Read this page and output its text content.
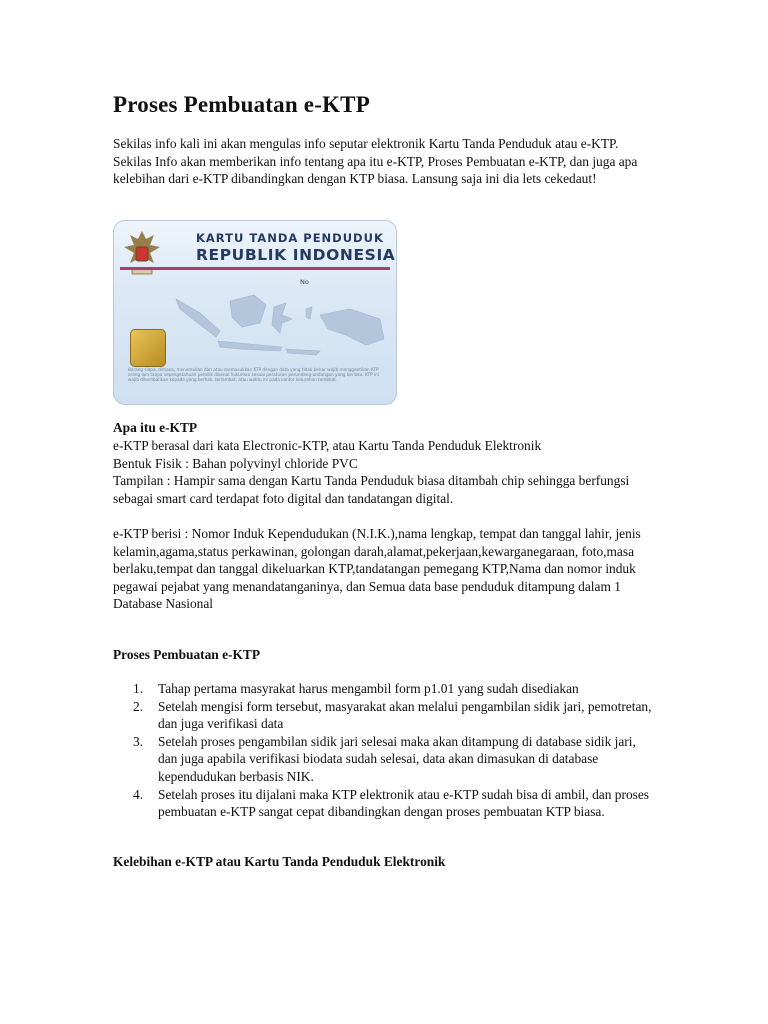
Proses Pembuatan e-KTP

Sekilas info kali ini akan mengulas info seputar elektronik Kartu Tanda Penduduk atau e-KTP. Sekilas Info akan memberikan info tentang apa itu e-KTP, Proses Pembuatan e-KTP, dan juga apa kelebihan dari e-KTP dibandingkan dengan KTP biasa. Lansung saja ini dia lets cekedaut!

KARTU TANDA PENDUDUK
REPUBLIK INDONESIA
No
Barang siapa, dimana, menemukan dan atau memasukkan KTP dengan data yang tidak benar wajib menggantikan KTP orang lain tanpa sepengetahuan pemilik dikenai hukuman sesuai peraturan perundang-undangan yang berlaku. KTP ini wajib dikembalikan kepada yang berhak, terlambat, atau waktu ini pada kantor kelurahan terdekat.
Apa itu e-KTP

e-KTP berasal dari kata Electronic-KTP, atau Kartu Tanda Penduduk Elektronik

Bentuk Fisik : Bahan polyvinyl chloride PVC

Tampilan : Hampir sama dengan Kartu Tanda Penduduk biasa ditambah chip sehingga berfungsi sebagai smart card terdapat foto digital dan tandatangan digital.

e-KTP berisi : Nomor Induk Kependudukan (N.I.K.),nama lengkap, tempat dan tanggal lahir, jenis kelamin,agama,status perkawinan, golongan darah,alamat,pekerjaan,kewarganegaraan, foto,masa berlaku,tempat dan tanggal dikeluarkan KTP,tandatangan pemegang KTP,Nama dan nomor induk pegawai pejabat yang menandatanganinya, dan Semua data base penduduk ditampung dalam 1 Database Nasional

Proses Pembuatan e-KTP
1. Tahap pertama masyrakat harus mengambil form p1.01 yang sudah disediakan
2. Setelah mengisi form tersebut, masyarakat akan melalui pengambilan sidik jari, pemotretan, dan juga verifikasi data
3. Setelah proses pengambilan sidik jari selesai maka akan ditampung di database sidik jari, dan juga apabila verifikasi biodata sudah selesai, data akan dimasukan di database kependudukan berbasis NIK.
4. Setelah proses itu dijalani maka KTP elektronik atau e-KTP sudah bisa di ambil, dan proses pembuatan e-KTP sangat cepat dibandingkan dengan proses pembuatan KTP biasa.
Kelebihan e-KTP atau Kartu Tanda Penduduk Elektronik
